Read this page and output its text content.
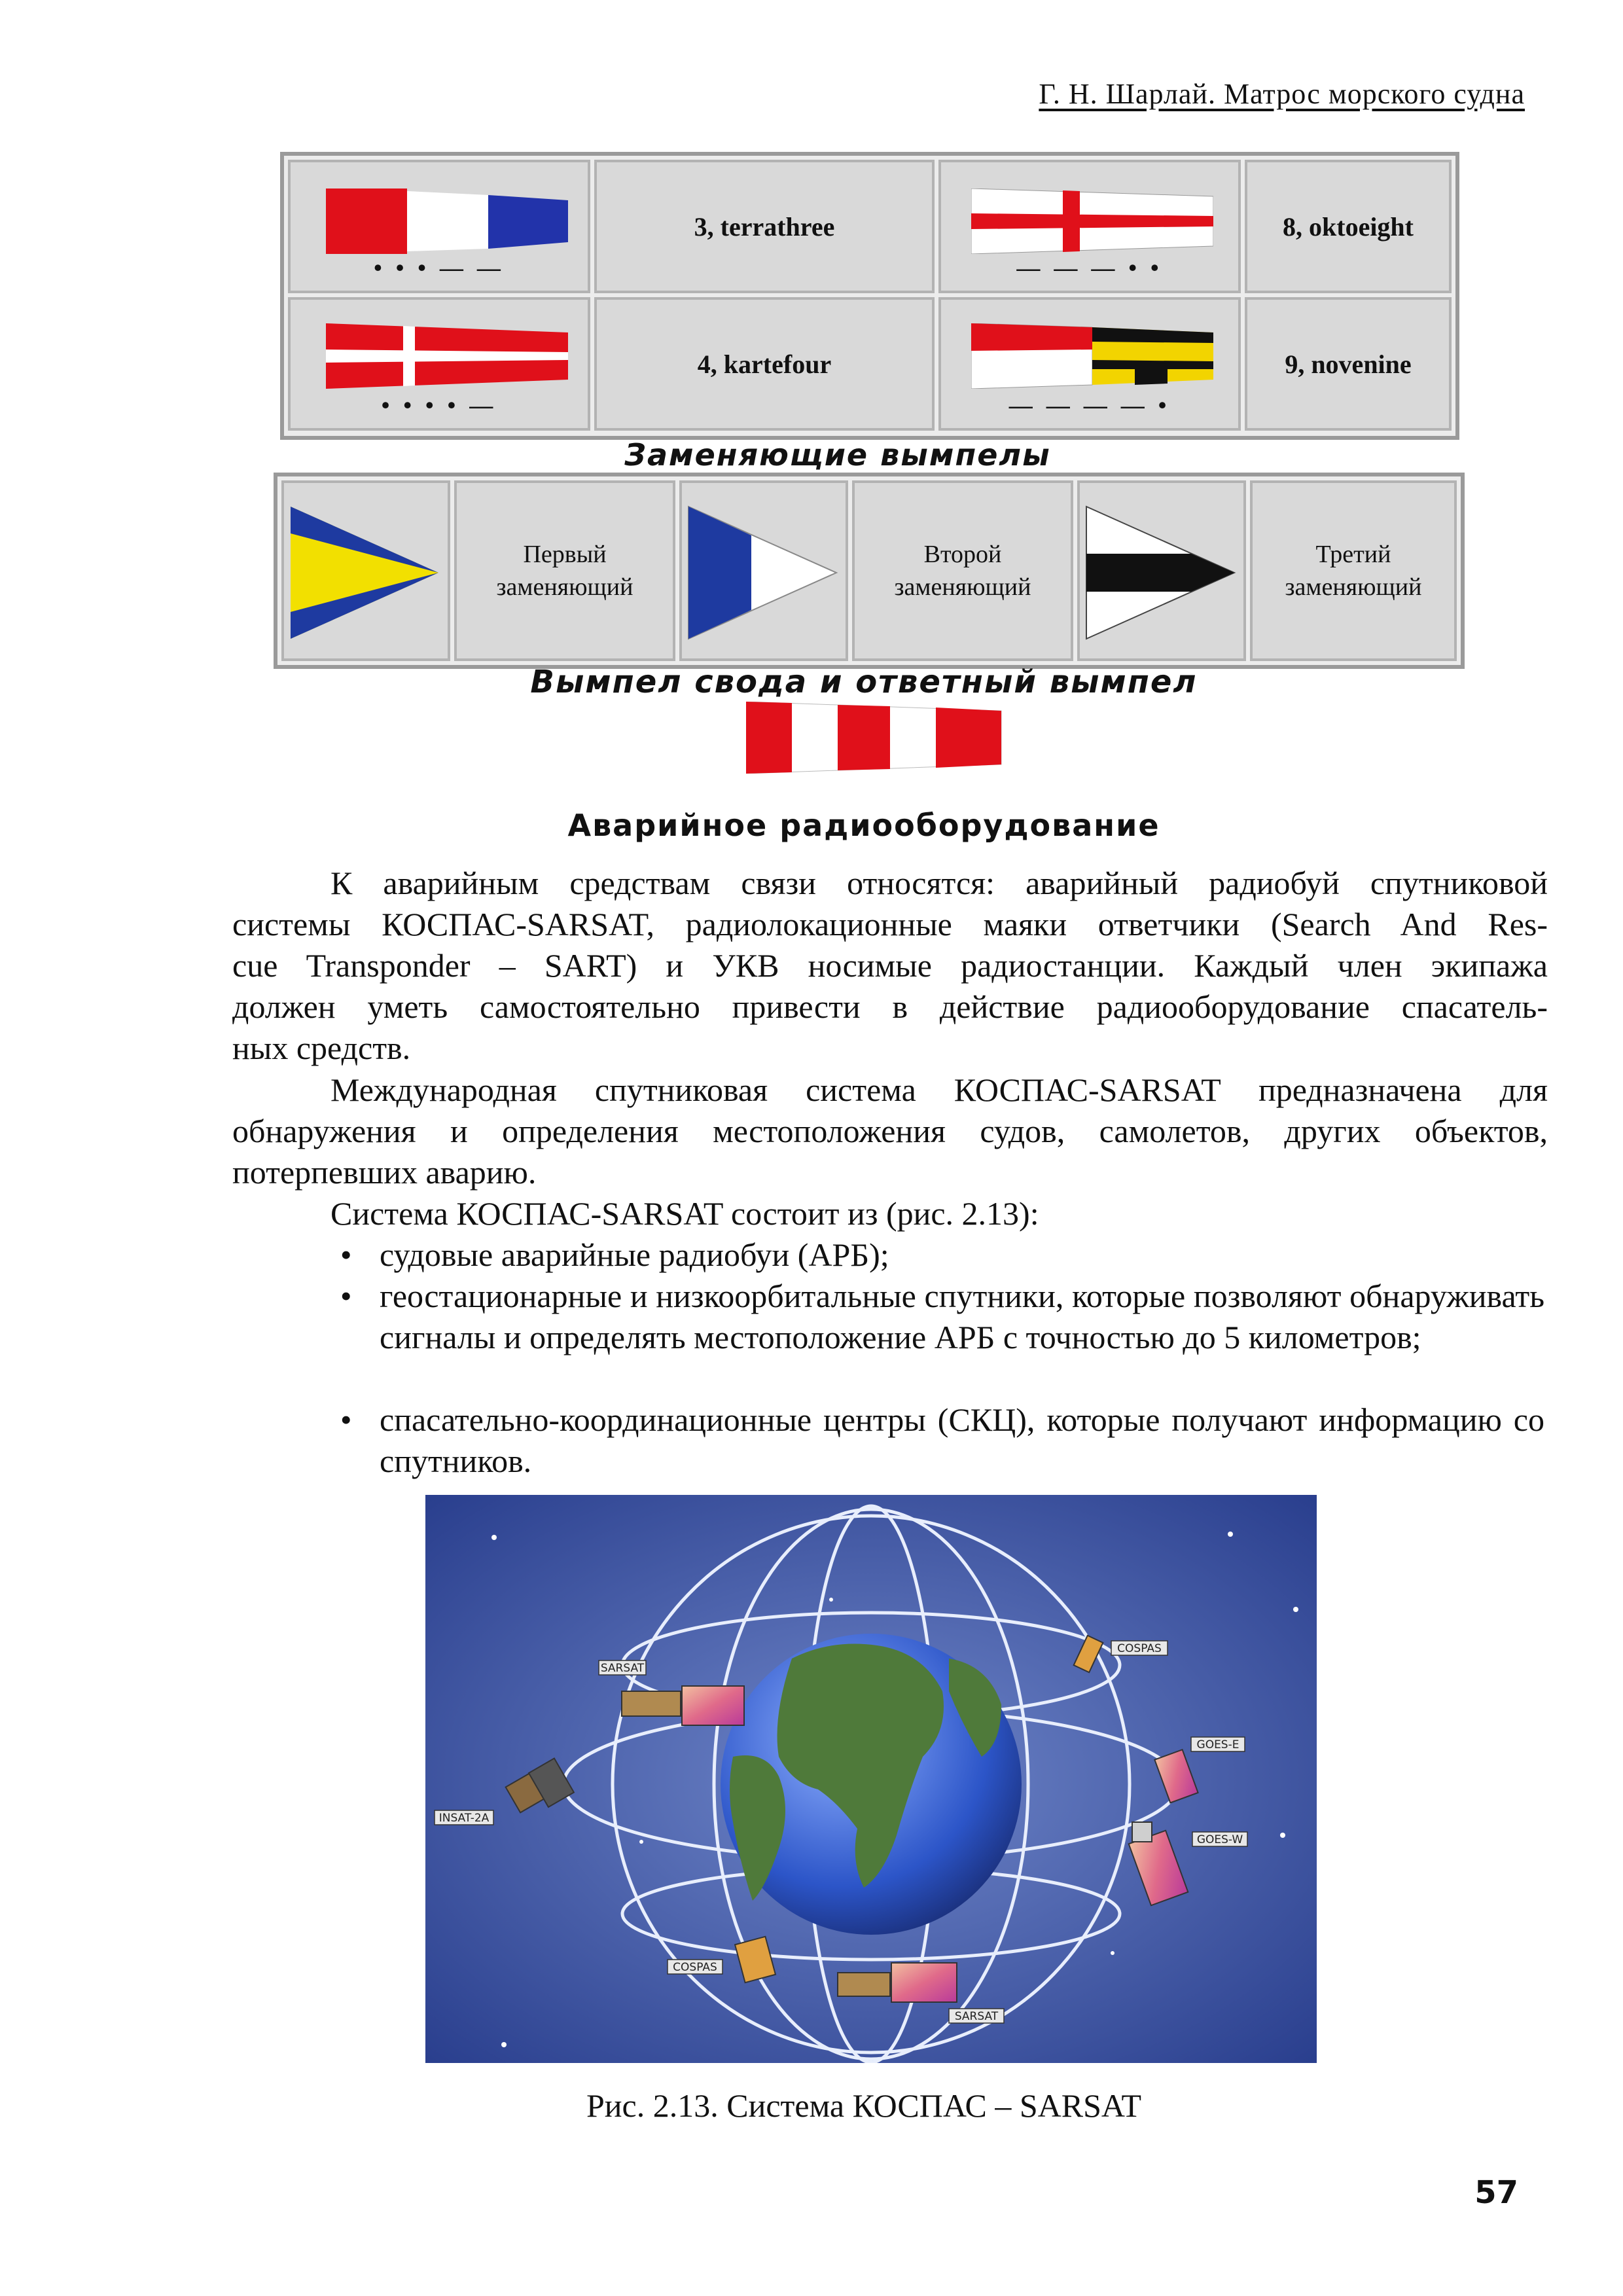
Г. Н. Шарлай. Матрос морского судна
• • • — —
3, terrathree
— — — • •
8, oktoeight
• • • • —
4, kartefour
— — — — •
9, novenine
Заменяющие вымпелы
Первый
заменяющий
Второй
заменяющий
Третий
заменяющий
Вымпел свода и ответный вымпел
Аварийное радиооборудование
К аварийным средствам связи относятся: аварийный радиобуй спутниковой
системы КОСПАС-SARSAT, радиолокационные маяки ответчики (Search And Res-
cue Transponder – SART) и УКВ носимые радиостанции. Каждый член экипажа
должен уметь самостоятельно привести в действие радиооборудование спасатель-
ных средств.
Международная спутниковая система КОСПАС-SARSAT предназначена для
обнаружения и определения местоположения судов, самолетов, других объектов,
потерпевших аварию.
Система КОСПАС-SARSAT состоит из (рис. 2.13):
• судовые аварийные радиобуи (АРБ);
• геостационарные и низкоорбитальные спутники, которые позволяют обнаруживать сигналы и определять местоположение АРБ с точностью до 5 километров;
• спасательно-координационные центры (СКЦ), которые получают информацию со спутников.
SARSAT
COSPAS
GOES-E
GOES-W
INSAT-2A
COSPAS
SARSAT
Рис. 2.13. Система КОСПАС – SARSAT
57
